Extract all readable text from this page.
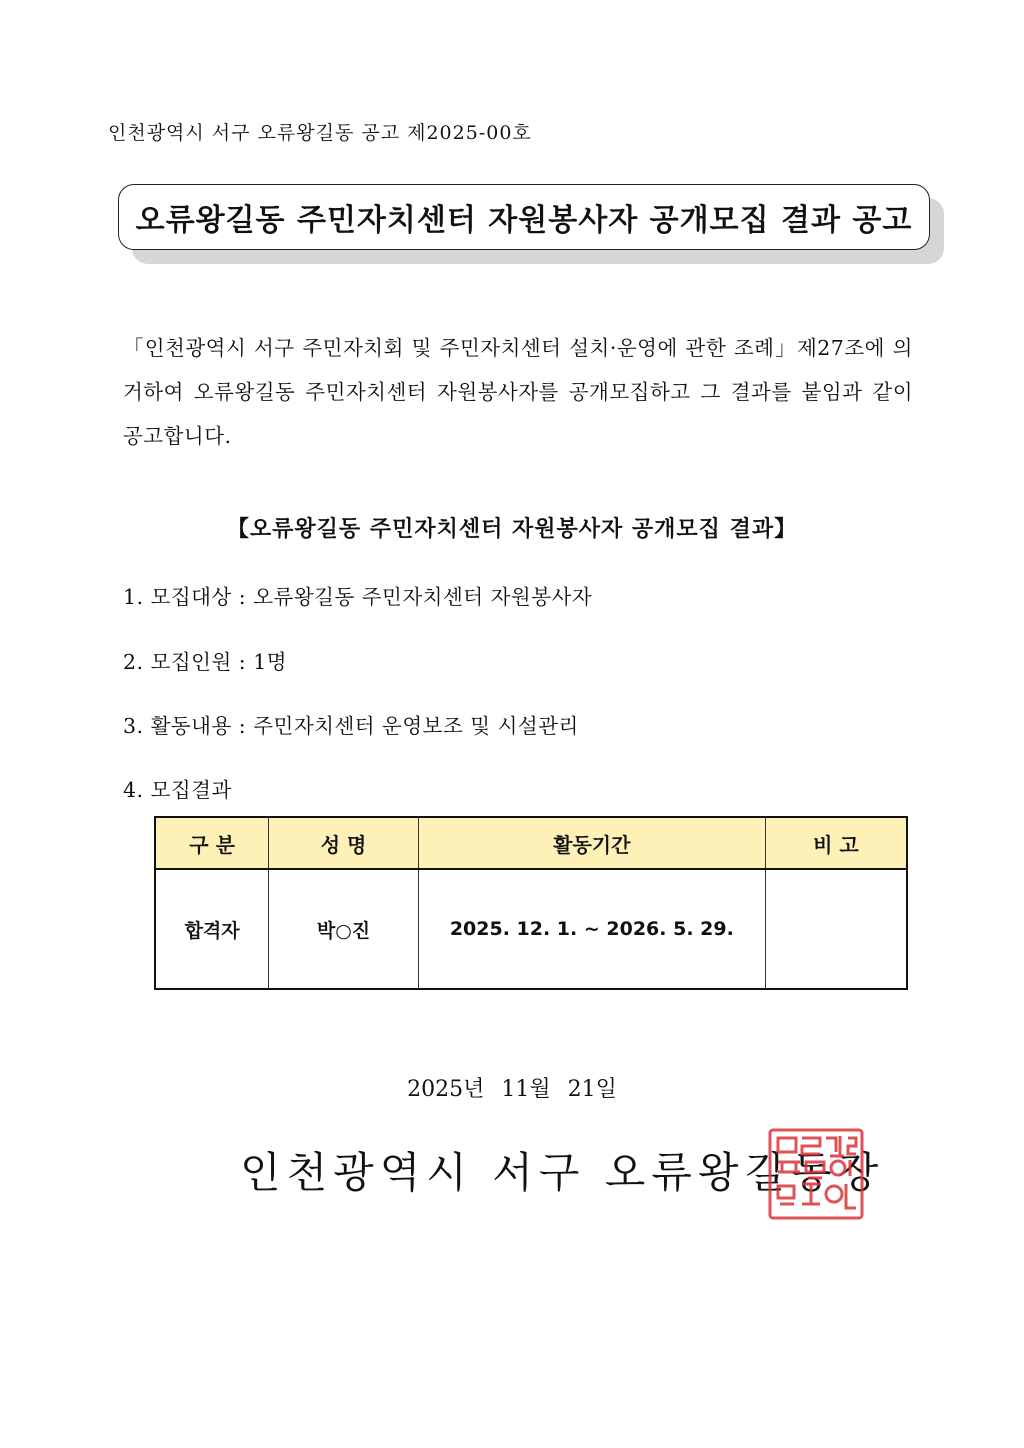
인천광역시 서구 오류왕길동 공고 제2025-00호

오류왕길동 주민자치센터 자원봉사자 공개모집 결과 공고

「인천광역시 서구 주민자치회 및 주민자치센터 설치·운영에 관한 조례」제27조에 의거하여 오류왕길동 주민자치센터 자원봉사자를 공개모집하고 그 결과를 붙임과 같이 공고합니다.

【오류왕길동 주민자치센터 자원봉사자 공개모집 결과】

1. 모집대상 : 오류왕길동 주민자치센터 자원봉사자

2. 모집인원 : 1명

3. 활동내용 : 주민자치센터 운영보조 및 시설관리

4. 모집결과

구 분	성 명	활동기간	비 고
합격자	박○진	2025. 12. 1. ~ 2026. 5. 29.	

2025년 11월 21일

인천광역시 서구 오류왕길동장
